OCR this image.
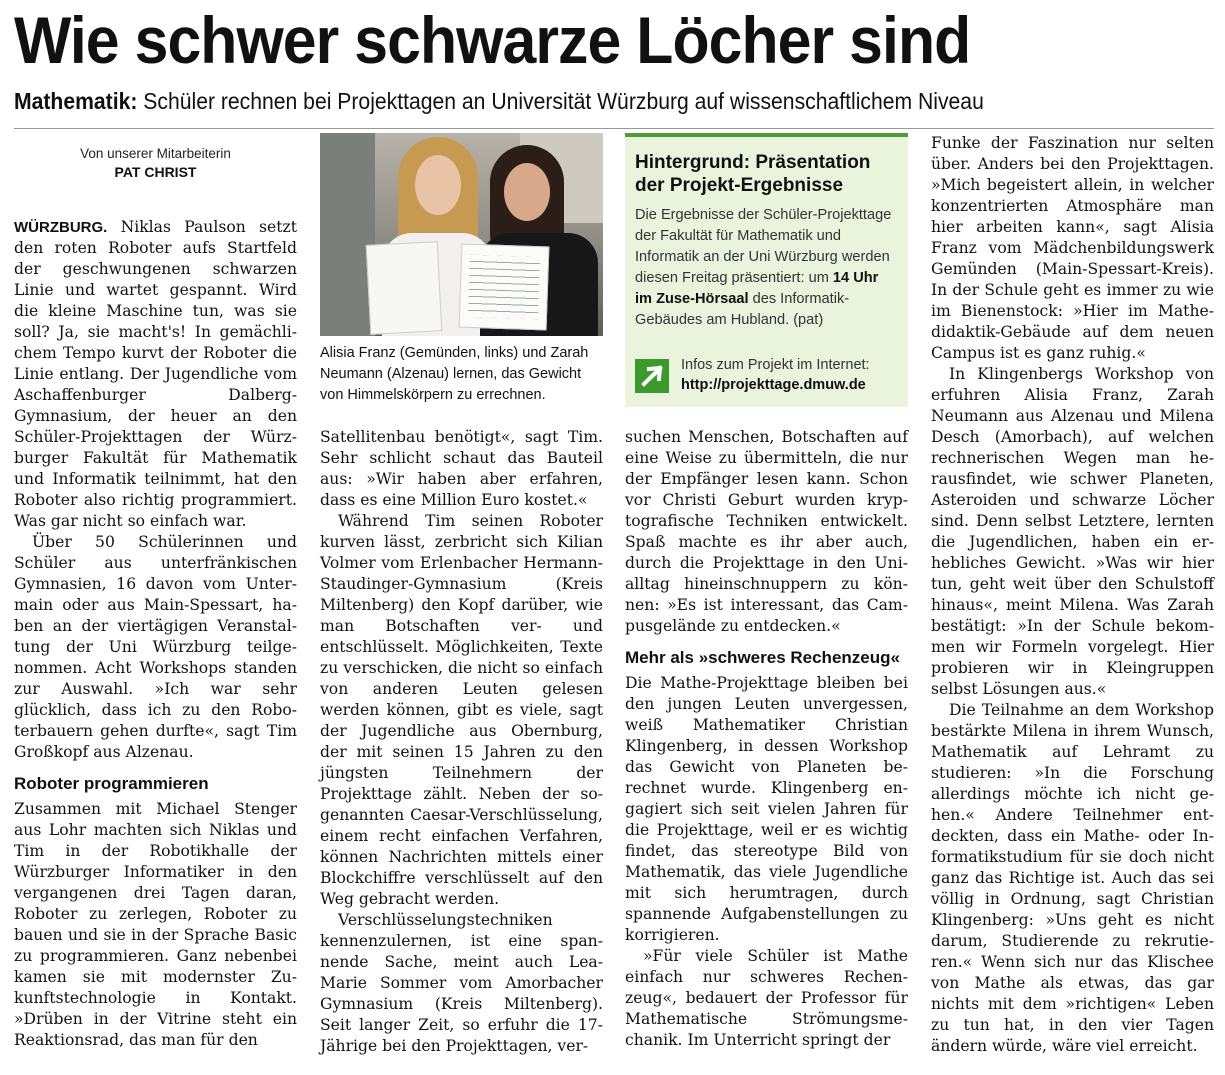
Wie schwer schwarze Löcher sind
Mathematik: Schüler rechnen bei Projekttagen an Universität Würzburg auf wissenschaftlichem Niveau
Von unserer Mitarbeiterin
PAT CHRIST

WÜRZBURG. Niklas Paulson setzt den roten Roboter aufs Startfeld der geschwungenen schwarzen Linie und wartet gespannt. Wird die kleine Maschine tun, was sie soll? Ja, sie macht's! In gemächlichem Tempo kurvt der Roboter die Linie entlang. Der Jugendliche vom Aschaffenburger Dalberg-Gymnasium, der heuer an den Schüler-Projekttagen der Würzburger Fakultät für Mathematik und Informatik teilnimmt, hat den Roboter also richtig programmiert. Was gar nicht so einfach war.

Über 50 Schülerinnen und Schüler aus unterfränkischen Gymnasien, 16 davon vom Untermain oder aus Main-Spessart, haben an der viertägigen Veranstaltung der Uni Würzburg teilgenommen. Acht Workshops standen zur Auswahl. »Ich war sehr glücklich, dass ich zu den Roboterbauern gehen durfte«, sagt Tim Großkopf aus Alzenau.

Roboter programmieren

Zusammen mit Michael Stenger aus Lohr machten sich Niklas und Tim in der Robotikhalle der Würzburger Informatiker in den vergangenen drei Tagen daran, Roboter zu zerlegen, Roboter zu bauen und sie in der Sprache Basic zu programmieren. Ganz nebenbei kamen sie mit modernster Zukunftstechnologie in Kontakt. »Drüben in der Vitrine steht ein Reaktionsrad, das man für den

Alisia Franz (Gemünden, links) und Zarah Neumann (Alzenau) lernen, das Gewicht von Himmelskörpern zu errechnen.

Satellitenbau benötigt«, sagt Tim. Sehr schlicht schaut das Bauteil aus: »Wir haben aber erfahren, dass es eine Million Euro kostet.«

Während Tim seinen Roboter kurven lässt, zerbricht sich Kilian Volmer vom Erlenbacher Hermann-Staudinger-Gymnasium (Kreis Miltenberg) den Kopf darüber, wie man Botschaften ver- und entschlüsselt. Möglichkeiten, Texte zu verschicken, die nicht so einfach von anderen Leuten gelesen werden können, gibt es viele, sagt der Jugendliche aus Obernburg, der mit seinen 15 Jahren zu den jüngsten Teilnehmern der Projekttage zählt. Neben der sogenannten Caesar-Verschlüsselung, einem recht einfachen Verfahren, können Nachrichten mittels einer Blockchiffre verschlüsselt auf den Weg gebracht werden.

Verschlüsselungstechniken kennenzulernen, ist eine spannende Sache, meint auch Lea-Marie Sommer vom Amorbacher Gymnasium (Kreis Miltenberg). Seit langer Zeit, so erfuhr die 17-Jährige bei den Projekttagen, ver-

Hintergrund: Präsentation der Projekt-Ergebnisse
Die Ergebnisse der Schüler-Projekttage der Fakultät für Mathematik und Informatik an der Uni Würzburg werden diesen Freitag präsentiert: um 14 Uhr im Zuse-Hörsaal des Informatik-Gebäudes am Hubland. (pat)
Infos zum Projekt im Internet:
http://projekttage.dmuw.de

suchen Menschen, Botschaften auf eine Weise zu übermitteln, die nur der Empfänger lesen kann. Schon vor Christi Geburt wurden kryptografische Techniken entwickelt. Spaß machte es ihr aber auch, durch die Projekttage in den Unialltag hineinschnuppern zu können: »Es ist interessant, das Campusgelände zu entdecken.«

Mehr als »schweres Rechenzeug«

Die Mathe-Projekttage bleiben bei den jungen Leuten unvergessen, weiß Mathematiker Christian Klingenberg, in dessen Workshop das Gewicht von Planeten berechnet wurde. Klingenberg engagiert sich seit vielen Jahren für die Projekttage, weil er es wichtig findet, das stereotype Bild von Mathematik, das viele Jugendliche mit sich herumtragen, durch spannende Aufgabenstellungen zu korrigieren.

»Für viele Schüler ist Mathe einfach nur schweres Rechenzeug«, bedauert der Professor für Mathematische Strömungsmechanik. Im Unterricht springt der

Funke der Faszination nur selten über. Anders bei den Projekttagen. »Mich begeistert allein, in welcher konzentrierten Atmosphäre man hier arbeiten kann«, sagt Alisia Franz vom Mädchenbildungswerk Gemünden (Main-Spessart-Kreis). In der Schule geht es immer zu wie im Bienenstock: »Hier im Mathedidaktik-Gebäude auf dem neuen Campus ist es ganz ruhig.«

In Klingenbergs Workshop von erfuhren Alisia Franz, Zarah Neumann aus Alzenau und Milena Desch (Amorbach), auf welchen rechnerischen Wegen man herausfindet, wie schwer Planeten, Asteroiden und schwarze Löcher sind. Denn selbst Letztere, lernten die Jugendlichen, haben ein erhebliches Gewicht. »Was wir hier tun, geht weit über den Schulstoff hinaus«, meint Milena. Was Zarah bestätigt: »In der Schule bekommen wir Formeln vorgelegt. Hier probieren wir in Kleingruppen selbst Lösungen aus.«

Die Teilnahme an dem Workshop bestärkte Milena in ihrem Wunsch, Mathematik auf Lehramt zu studieren: »In die Forschung allerdings möchte ich nicht gehen.« Andere Teilnehmer entdeckten, dass ein Mathe- oder Informatikstudium für sie doch nicht ganz das Richtige ist. Auch das sei völlig in Ordnung, sagt Christian Klingenberg: »Uns geht es nicht darum, Studierende zu rekrutieren.« Wenn sich nur das Klischee von Mathe als etwas, das gar nichts mit dem »richtigen« Leben zu tun hat, in den vier Tagen ändern würde, wäre viel erreicht.
